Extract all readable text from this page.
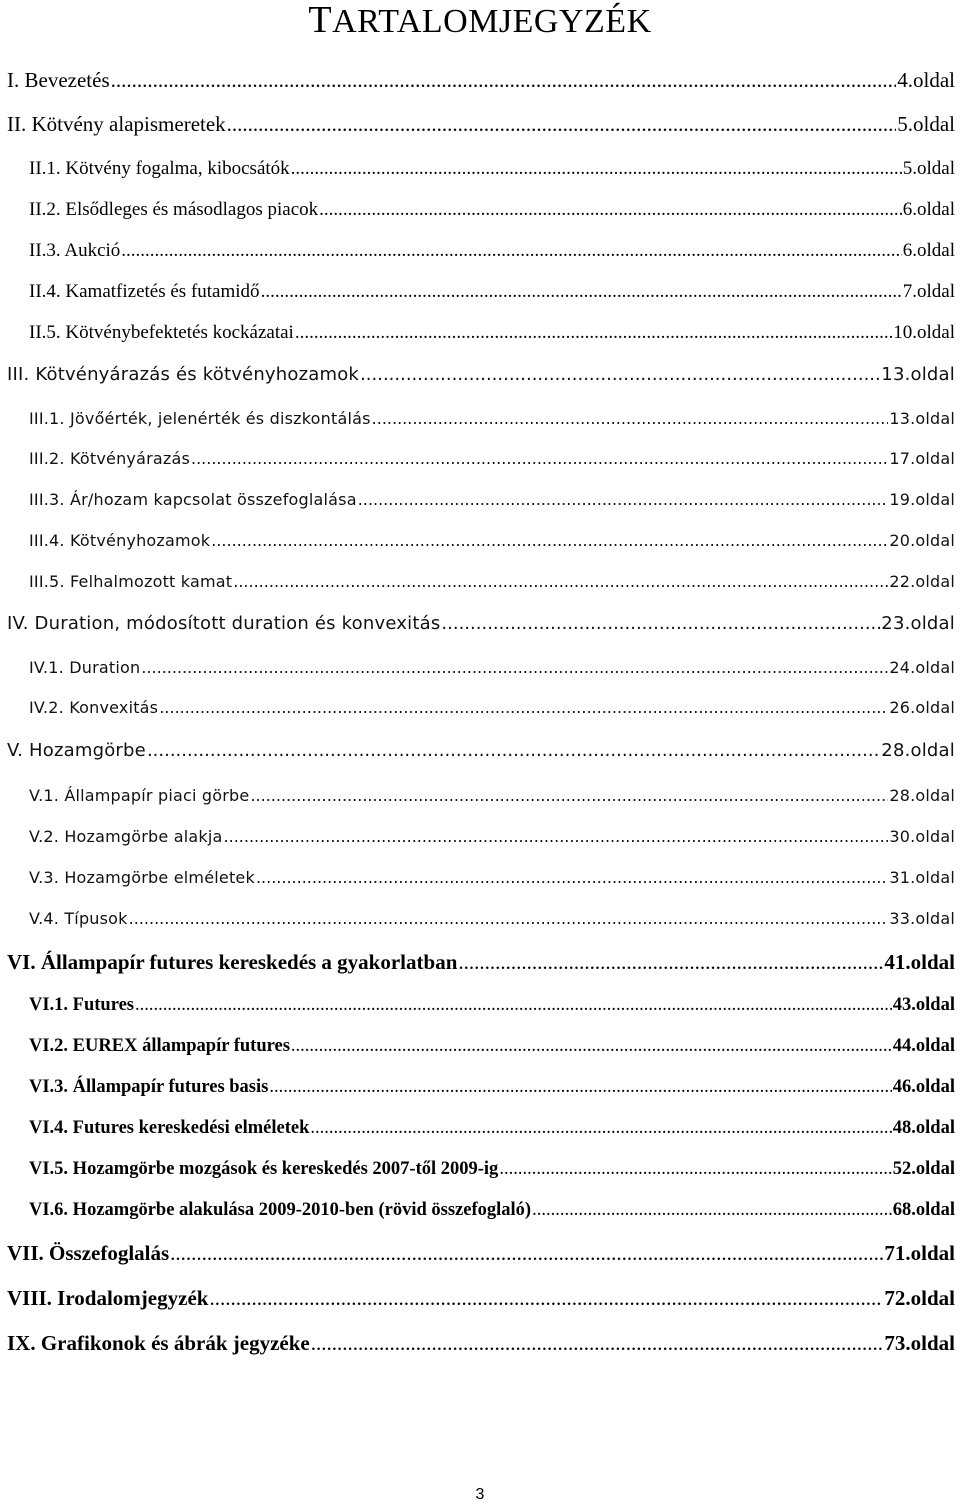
TARTALOMJEGYZÉK
I. Bevezetés .....	4.oldal
II. Kötvény alapismeretek .....	5.oldal
II.1. Kötvény fogalma, kibocsátók .....	5.oldal
II.2. Elsődleges és másodlagos piacok .....	6.oldal
II.3. Aukció .....	6.oldal
II.4. Kamatfizetés és futamidő .....	7.oldal
II.5. Kötvénybefektetés kockázatai .....	10.oldal
III. Kötvényárazás és kötvényhozamok .....	13.oldal
III.1. Jövőérték, jelenérték és diszkontálás .....	13.oldal
III.2. Kötvényárazás .....	17.oldal
III.3. Ár/hozam kapcsolat összefoglalása .....	19.oldal
III.4. Kötvényhozamok .....	20.oldal
III.5. Felhalmozott kamat .....	22.oldal
IV. Duration, módosított duration és konvexitás .....	23.oldal
IV.1. Duration .....	24.oldal
IV.2. Konvexitás .....	26.oldal
V. Hozamgörbe .....	28.oldal
V.1. Állampapír piaci görbe .....	28.oldal
V.2. Hozamgörbe alakja .....	30.oldal
V.3. Hozamgörbe elméletek .....	31.oldal
V.4. Típusok .....	33.oldal
VI. Állampapír futures kereskedés a gyakorlatban .....	41.oldal
VI.1. Futures .....	43.oldal
VI.2. EUREX állampapír futures .....	44.oldal
VI.3. Állampapír futures basis .....	46.oldal
VI.4. Futures kereskedési elméletek .....	48.oldal
VI.5. Hozamgörbe mozgások és kereskedés 2007-től 2009-ig .....	52.oldal
VI.6. Hozamgörbe alakulása 2009-2010-ben (rövid összefoglaló) .....	68.oldal
VII. Összefoglalás .....	71.oldal
VIII. Irodalomjegyzék .....	72.oldal
IX. Grafikonok és ábrák jegyzéke .....	73.oldal
3
